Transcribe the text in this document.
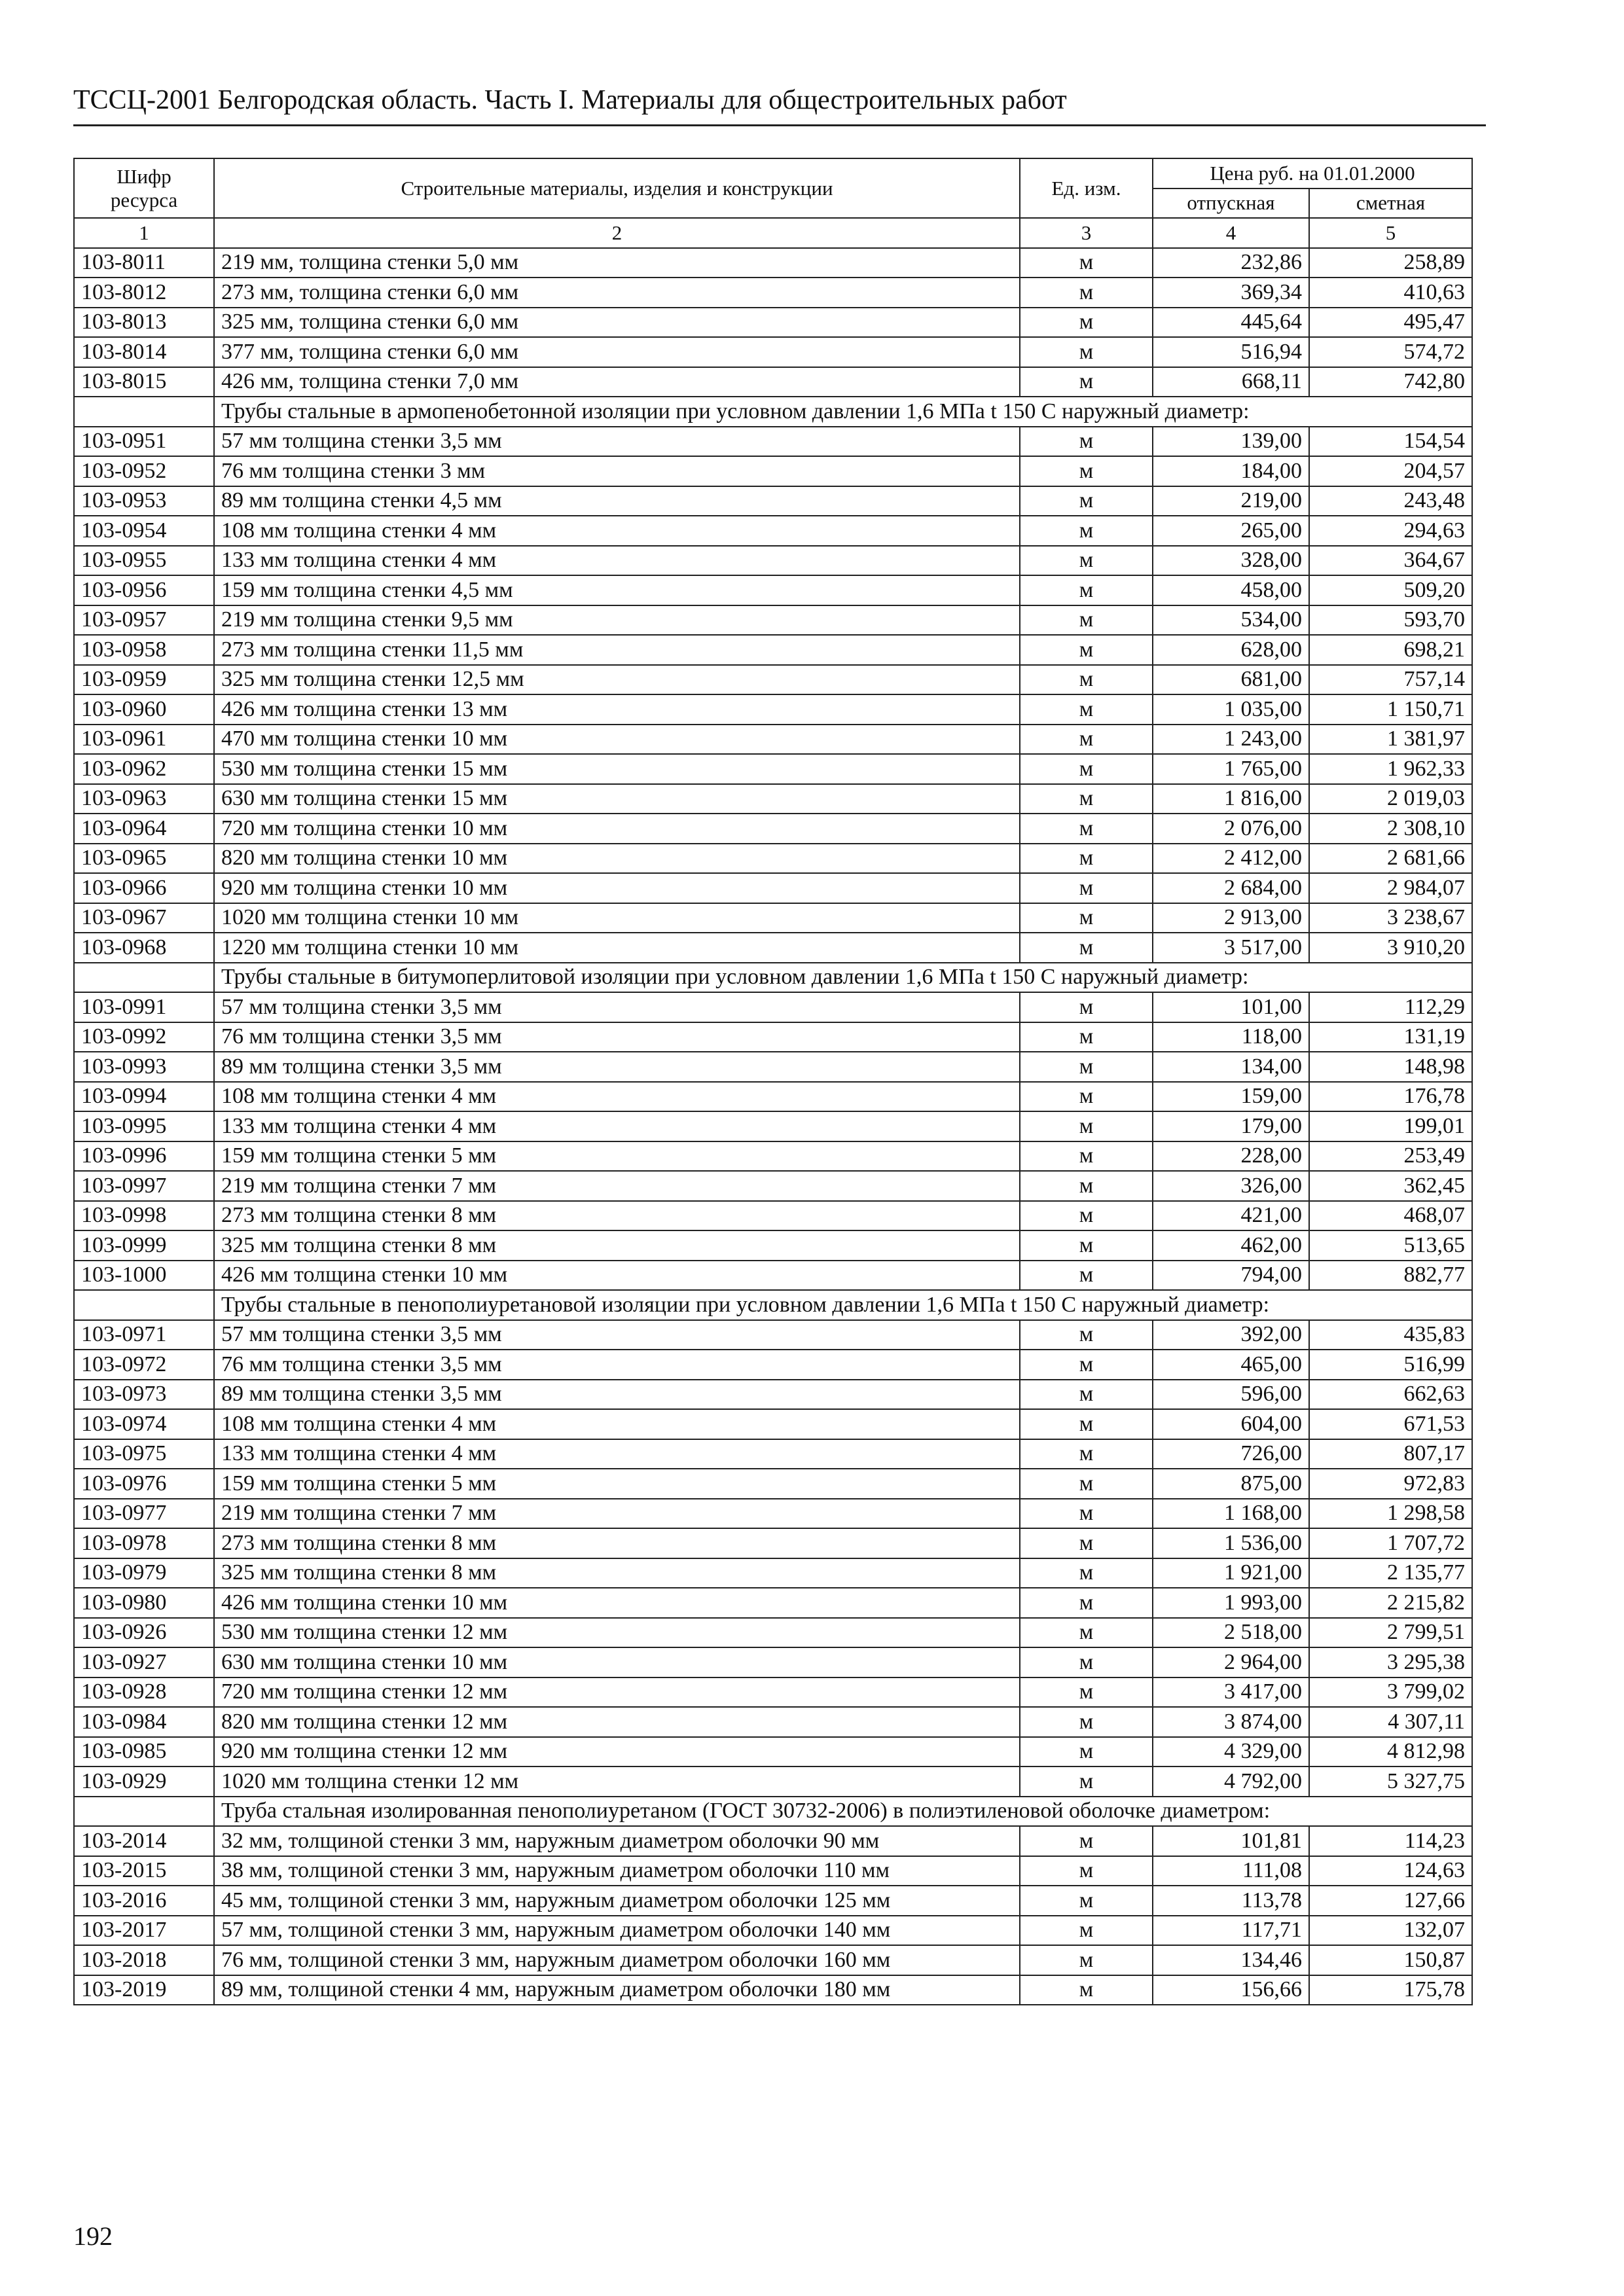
ТССЦ-2001 Белгородская область. Часть I. Материалы для общестроительных работ
Шифр ресурса	Строительные материалы, изделия и конструкции	Ед. изм.	Цена руб. на 01.01.2000	
			отпускная	сметная
1	2	3	4	5
103-8011	219 мм, толщина стенки 5,0 мм	м	232,86	258,89
103-8012	273 мм, толщина стенки 6,0 мм	м	369,34	410,63
103-8013	325 мм, толщина стенки 6,0 мм	м	445,64	495,47
103-8014	377 мм, толщина стенки 6,0 мм	м	516,94	574,72
103-8015	426 мм, толщина стенки 7,0 мм	м	668,11	742,80
	Трубы стальные в армопенобетонной изоляции при условном давлении 1,6 МПа t 150 С наружный диаметр:			
103-0951	57 мм толщина стенки 3,5 мм	м	139,00	154,54
103-0952	76 мм толщина стенки 3 мм	м	184,00	204,57
103-0953	89 мм толщина стенки 4,5 мм	м	219,00	243,48
103-0954	108 мм толщина стенки 4 мм	м	265,00	294,63
103-0955	133 мм толщина стенки 4 мм	м	328,00	364,67
103-0956	159 мм толщина стенки 4,5 мм	м	458,00	509,20
103-0957	219 мм толщина стенки 9,5 мм	м	534,00	593,70
103-0958	273 мм толщина стенки 11,5 мм	м	628,00	698,21
103-0959	325 мм толщина стенки 12,5 мм	м	681,00	757,14
103-0960	426 мм толщина стенки 13 мм	м	1 035,00	1 150,71
103-0961	470 мм толщина стенки 10 мм	м	1 243,00	1 381,97
103-0962	530 мм толщина стенки 15 мм	м	1 765,00	1 962,33
103-0963	630 мм толщина стенки 15 мм	м	1 816,00	2 019,03
103-0964	720 мм толщина стенки 10 мм	м	2 076,00	2 308,10
103-0965	820 мм толщина стенки 10 мм	м	2 412,00	2 681,66
103-0966	920 мм толщина стенки 10 мм	м	2 684,00	2 984,07
103-0967	1020 мм толщина стенки 10 мм	м	2 913,00	3 238,67
103-0968	1220 мм толщина стенки 10 мм	м	3 517,00	3 910,20
	Трубы стальные в битумоперлитовой изоляции при условном давлении 1,6 МПа t 150 С наружный диаметр:			
103-0991	57 мм толщина стенки 3,5 мм	м	101,00	112,29
103-0992	76 мм толщина стенки 3,5 мм	м	118,00	131,19
103-0993	89 мм толщина стенки 3,5 мм	м	134,00	148,98
103-0994	108 мм толщина стенки 4 мм	м	159,00	176,78
103-0995	133 мм толщина стенки 4 мм	м	179,00	199,01
103-0996	159 мм толщина стенки 5 мм	м	228,00	253,49
103-0997	219 мм толщина стенки 7 мм	м	326,00	362,45
103-0998	273 мм толщина стенки 8 мм	м	421,00	468,07
103-0999	325 мм толщина стенки 8 мм	м	462,00	513,65
103-1000	426 мм толщина стенки 10 мм	м	794,00	882,77
	Трубы стальные в пенополиуретановой изоляции при условном давлении 1,6 МПа t 150 С наружный диаметр:			
103-0971	57 мм толщина стенки 3,5 мм	м	392,00	435,83
103-0972	76 мм толщина стенки 3,5 мм	м	465,00	516,99
103-0973	89 мм толщина стенки 3,5 мм	м	596,00	662,63
103-0974	108 мм толщина стенки 4 мм	м	604,00	671,53
103-0975	133 мм толщина стенки 4 мм	м	726,00	807,17
103-0976	159 мм толщина стенки 5 мм	м	875,00	972,83
103-0977	219 мм толщина стенки 7 мм	м	1 168,00	1 298,58
103-0978	273 мм толщина стенки 8 мм	м	1 536,00	1 707,72
103-0979	325 мм толщина стенки 8 мм	м	1 921,00	2 135,77
103-0980	426 мм толщина стенки 10 мм	м	1 993,00	2 215,82
103-0926	530 мм толщина стенки 12 мм	м	2 518,00	2 799,51
103-0927	630 мм толщина стенки 10 мм	м	2 964,00	3 295,38
103-0928	720 мм толщина стенки 12 мм	м	3 417,00	3 799,02
103-0984	820 мм толщина стенки 12 мм	м	3 874,00	4 307,11
103-0985	920 мм толщина стенки 12 мм	м	4 329,00	4 812,98
103-0929	1020 мм толщина стенки 12 мм	м	4 792,00	5 327,75
	Труба стальная изолированная пенополиуретаном (ГОСТ 30732-2006) в полиэтиленовой оболочке диаметром:			
103-2014	32 мм, толщиной стенки 3 мм, наружным диаметром оболочки 90 мм	м	101,81	114,23
103-2015	38 мм, толщиной стенки 3 мм, наружным диаметром оболочки 110 мм	м	111,08	124,63
103-2016	45 мм, толщиной стенки 3 мм, наружным диаметром оболочки 125 мм	м	113,78	127,66
103-2017	57 мм, толщиной стенки 3 мм, наружным диаметром оболочки 140 мм	м	117,71	132,07
103-2018	76 мм, толщиной стенки 3 мм, наружным диаметром оболочки 160 мм	м	134,46	150,87
103-2019	89 мм, толщиной стенки 4 мм, наружным диаметром оболочки 180 мм	м	156,66	175,78
192
